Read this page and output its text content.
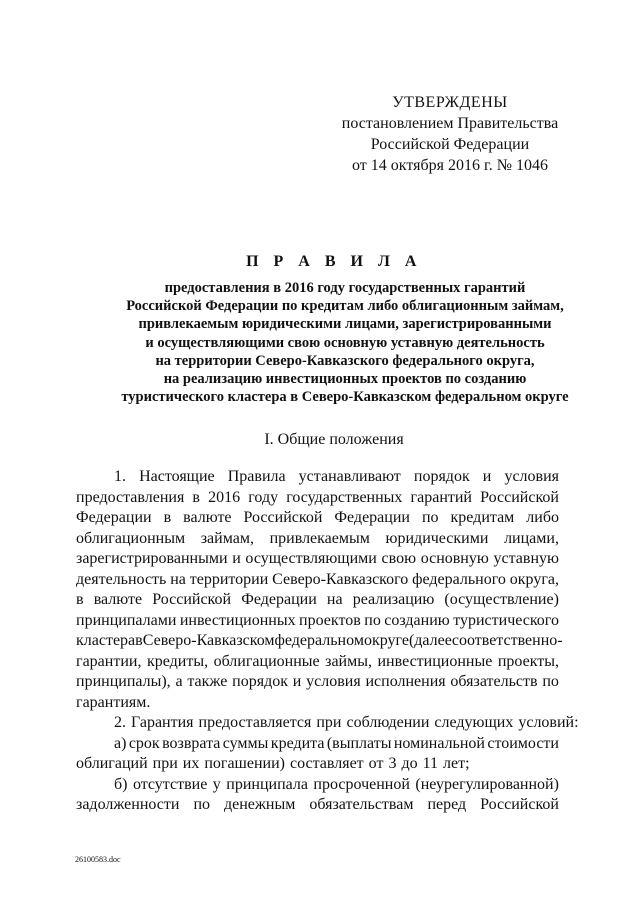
УТВЕРЖДЕНЫ
постановлением Правительства
Российской Федерации
от 14 октября 2016 г. № 1046
П Р А В И Л А
предоставления в 2016 году государственных гарантий
Российской Федерации по кредитам либо облигационным займам,
привлекаемым юридическими лицами, зарегистрированными
и осуществляющими свою основную уставную деятельность
на территории Северо-Кавказского федерального округа,
на реализацию инвестиционных проектов по созданию
туристического кластера в Северо-Кавказском федеральном округе
I. Общие положения
1. Настоящие Правила устанавливают порядок и условия
предоставления в 2016 году государственных гарантий Российской
Федерации в валюте Российской Федерации по кредитам либо
облигационным займам, привлекаемым юридическими лицами,
зарегистрированными и осуществляющими свою основную уставную
деятельность на территории Северо-Кавказского федерального округа,
в валюте Российской Федерации на реализацию (осуществление)
принципалами инвестиционных проектов по созданию туристического
кластера в Северо-Кавказском федеральном округе (далее соответственно -
гарантии, кредиты, облигационные займы, инвестиционные проекты,
принципалы), а также порядок и условия исполнения обязательств по
гарантиям.
2. Гарантия предоставляется при соблюдении следующих условий:
а) срок возврата суммы кредита (выплаты номинальной стоимости
облигаций при их погашении) составляет от 3 до 11 лет;
б) отсутствие у принципала просроченной (неурегулированной)
задолженности по денежным обязательствам перед Российской
26100583.doc
